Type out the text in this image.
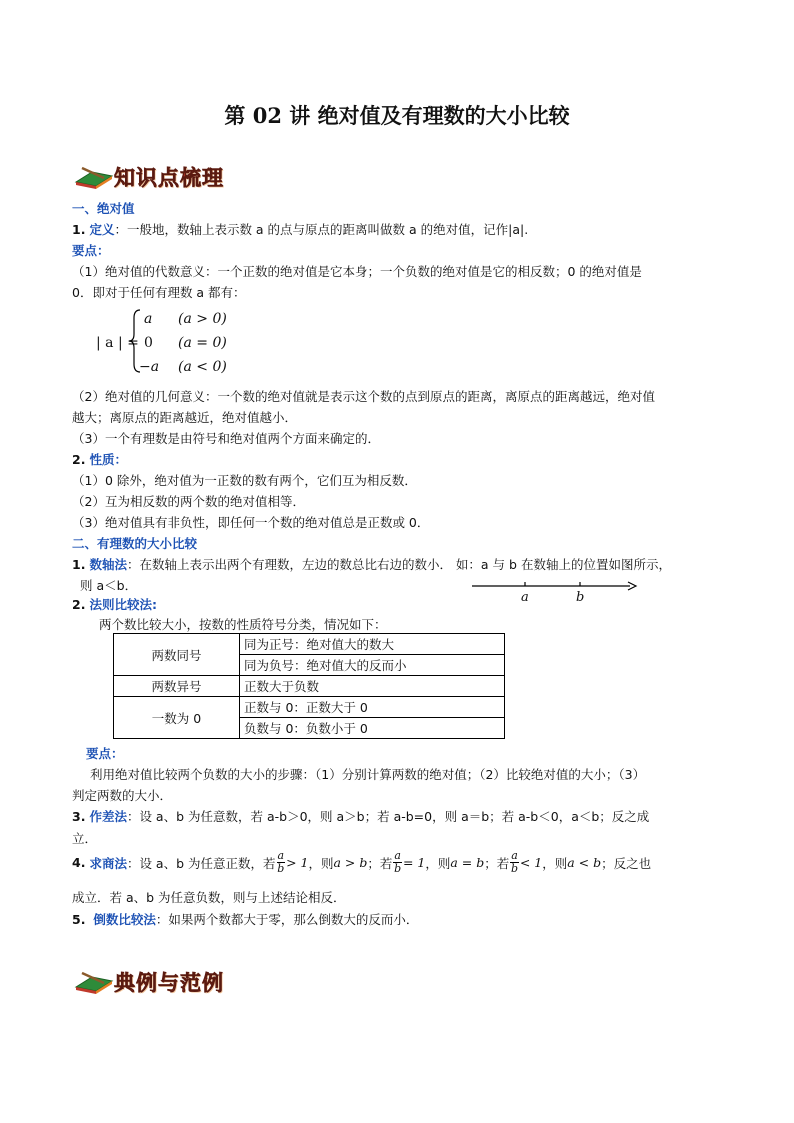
第 02 讲 绝对值及有理数的大小比较
知识点梳理
一、绝对值
1. 定义：一般地，数轴上表示数 a 的点与原点的距离叫做数 a 的绝对值，记作|a|.
要点：
（1）绝对值的代数意义：一个正数的绝对值是它本身；一个负数的绝对值是它的相反数；0 的绝对值是
0．即对于任何有理数 a 都有：
| a | =
a (a > 0)
0 (a = 0)
−a (a < 0)
（2）绝对值的几何意义：一个数的绝对值就是表示这个数的点到原点的距离，离原点的距离越远，绝对值
越大；离原点的距离越近，绝对值越小．
（3）一个有理数是由符号和绝对值两个方面来确定的．
2. 性质：
（1）0 除外，绝对值为一正数的数有两个，它们互为相反数．
（2）互为相反数的两个数的绝对值相等．
（3）绝对值具有非负性，即任何一个数的绝对值总是正数或 0．
二、有理数的大小比较
1. 数轴法：在数轴上表示出两个有理数，左边的数总比右边的数小． 如：a 与 b 在数轴上的位置如图所示，
则 a＜b．
a	b
2. 法则比较法:
两个数比较大小，按数的性质符号分类，情况如下：
两数同号	同为正号：绝对值大的数大
	同为负号：绝对值大的反而小
两数异号	正数大于负数
一数为 0	正数与 0：正数大于 0
	负数与 0：负数小于 0
要点：
利用绝对值比较两个负数的大小的步骤：（1）分别计算两数的绝对值；（2）比较绝对值的大小；（3）
判定两数的大小．
3. 作差法：设 a、b 为任意数，若 a-b＞0，则 a＞b；若 a-b=0，则 a＝b；若 a-b＜0，a＜b；反之成
立．
4.
求商法 ：设 a、b 为任意正数，若 $\frac{a}{b} > 1$ ，则 a > b ；若 $\frac{a}{b} = 1$ ，则 a = b ；若 $\frac{a}{b} < 1$ ，则 a < b ；反之也
成立．若 a、b 为任意负数，则与上述结论相反．
5. 倒数比较法：如果两个数都大于零，那么倒数大的反而小．
典例与范例
